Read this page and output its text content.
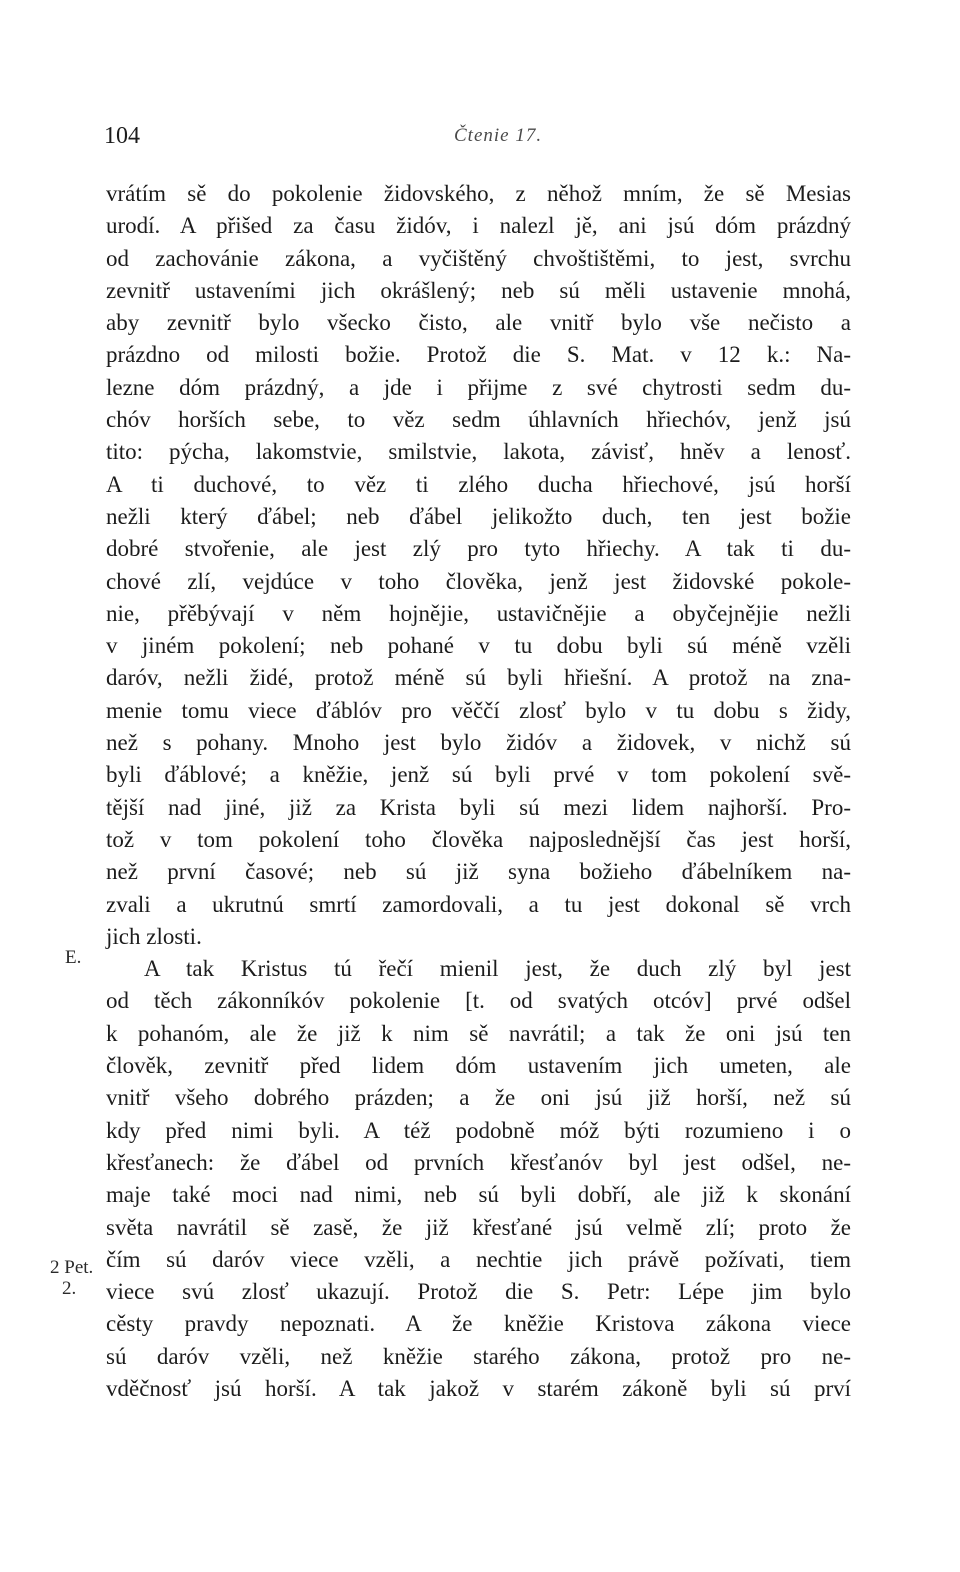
104	Čtenie 17.
E.
2 Pet.
2.
vrátím sě do pokolenie židovského, z něhož mním, že sě Mesias
urodí. A přišed za času židóv, i nalezl jě, ani jsú dóm prázdný
od zachovánie zákona, a vyčištěný chvoštištěmi, to jest, svrchu
zevnitř ustaveními jich okrášlený; neb sú měli ustavenie mnohá,
aby zevnitř bylo všecko čisto, ale vnitř bylo vše nečisto a
prázdno od milosti božie. Protož die S. Mat. v 12 k.: Na-
lezne dóm prázdný, a jde i přijme z své chytrosti sedm du-
chóv horších sebe, to věz sedm úhlavních hřiechóv, jenž jsú
tito: pýcha, lakomstvie, smilstvie, lakota, závisť, hněv a lenosť.
A ti duchové, to věz ti zlého ducha hřiechové, jsú horší
nežli který ďábel; neb ďábel jelikožto duch, ten jest božie
dobré stvořenie, ale jest zlý pro tyto hřiechy. A tak ti du-
chové zlí, vejdúce v toho člověka, jenž jest židovské pokole-
nie, přěbývají v něm hojnějie, ustavičnějie a obyčejnějie nežli
v jiném pokolení; neb pohané v tu dobu byli sú méně vzěli
daróv, nežli židé, protož méně sú byli hřiešní. A protož na zna-
menie tomu viece ďáblóv pro věččí zlosť bylo v tu dobu s židy,
než s pohany. Mnoho jest bylo židóv a židovek, v nichž sú
byli ďáblové; a kněžie, jenž sú byli prvé v tom pokolení svě-
tější nad jiné, již za Krista byli sú mezi lidem najhorší. Pro-
tož v tom pokolení toho člověka najposlednější čas jest horší,
než první časové; neb sú již syna božieho ďábelníkem na-
zvali a ukrutnú smrtí zamordovali, a tu jest dokonal sě vrch
jich zlosti.
A tak Kristus tú řečí mienil jest, že duch zlý byl jest
od těch zákonníkóv pokolenie [t. od svatých otcóv] prvé odšel
k pohanóm, ale že již k nim sě navrátil; a tak že oni jsú ten
člověk, zevnitř před lidem dóm ustavením jich umeten, ale
vnitř všeho dobrého prázden; a že oni jsú již horší, než sú
kdy před nimi byli. A též podobně móž býti rozumieno i o
křesťanech: že ďábel od prvních křesťanóv byl jest odšel, ne-
maje také moci nad nimi, neb sú byli dobří, ale již k skonání
světa navrátil sě zasě, že již křesťané jsú velmě zlí; proto že
čím sú daróv viece vzěli, a nechtie jich právě požívati, tiem
viece svú zlosť ukazují. Protož die S. Petr: Lépe jim bylo
cěsty pravdy nepoznati. A že kněžie Kristova zákona viece
sú daróv vzěli, než kněžie starého zákona, protož pro ne-
vděčnosť jsú horší. A tak jakož v starém zákoně byli sú prví
